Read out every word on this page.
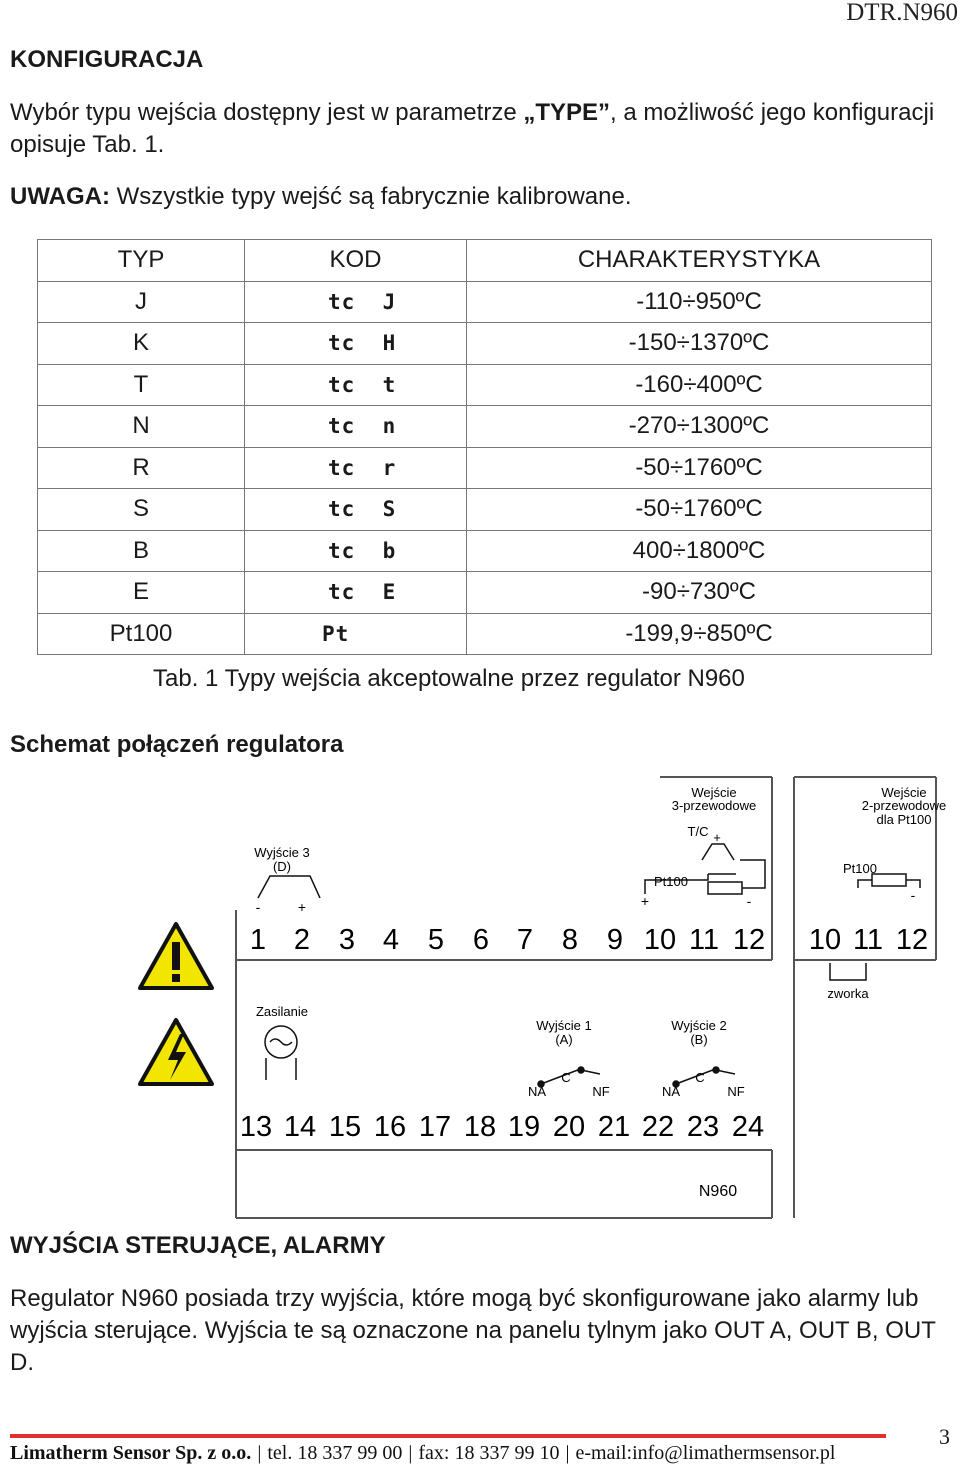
DTR.N960
KONFIGURACJA
Wybór typu wejścia dostępny jest w parametrze „TYPE”, a możliwość jego konfiguracji opisuje Tab. 1.
UWAGA: Wszystkie typy wejść są fabrycznie kalibrowane.
TYP	KOD	CHARAKTERYSTYKA
J	tc  J	-110÷950ºC
K	tc  H	-150÷1370ºC
T	tc  t	-160÷400ºC
N	tc  n	-270÷1300ºC
R	tc  r	-50÷1760ºC
S	tc  S	-50÷1760ºC
B	tc  b	400÷1800ºC
E	tc  E	-90÷730ºC
Pt100	Pt	-199,9÷850ºC
Tab. 1 Typy wejścia akceptowalne przez regulator N960
Schemat połączeń regulatora
Wyjście 3
(D)
-	+
Wejście
3-przewodowe
T/C +
Pt100
+	-
Wejście
2-przewodowe
dla Pt100
Pt100
-
1 2 3 4 5 6 7 8 9 10 11 12 10 11 12
zworka
Zasilanie
Wyjście 1
(A)
Wyjście 2
(B)
NA
C
NF	NA
C
NF
13 14 15 16 17 18 19 20 21 22 23 24
N960
WYJŚCIA STERUJĄCE, ALARMY
Regulator N960 posiada trzy wyjścia, które mogą być skonfigurowane jako alarmy lub wyjścia sterujące. Wyjścia te są oznaczone na panelu tylnym jako OUT A, OUT B, OUT D.
3
Limatherm Sensor Sp. z o.o. | tel. 18 337 99 00 | fax: 18 337 99 10 | e-mail:info@limathermsensor.pl
